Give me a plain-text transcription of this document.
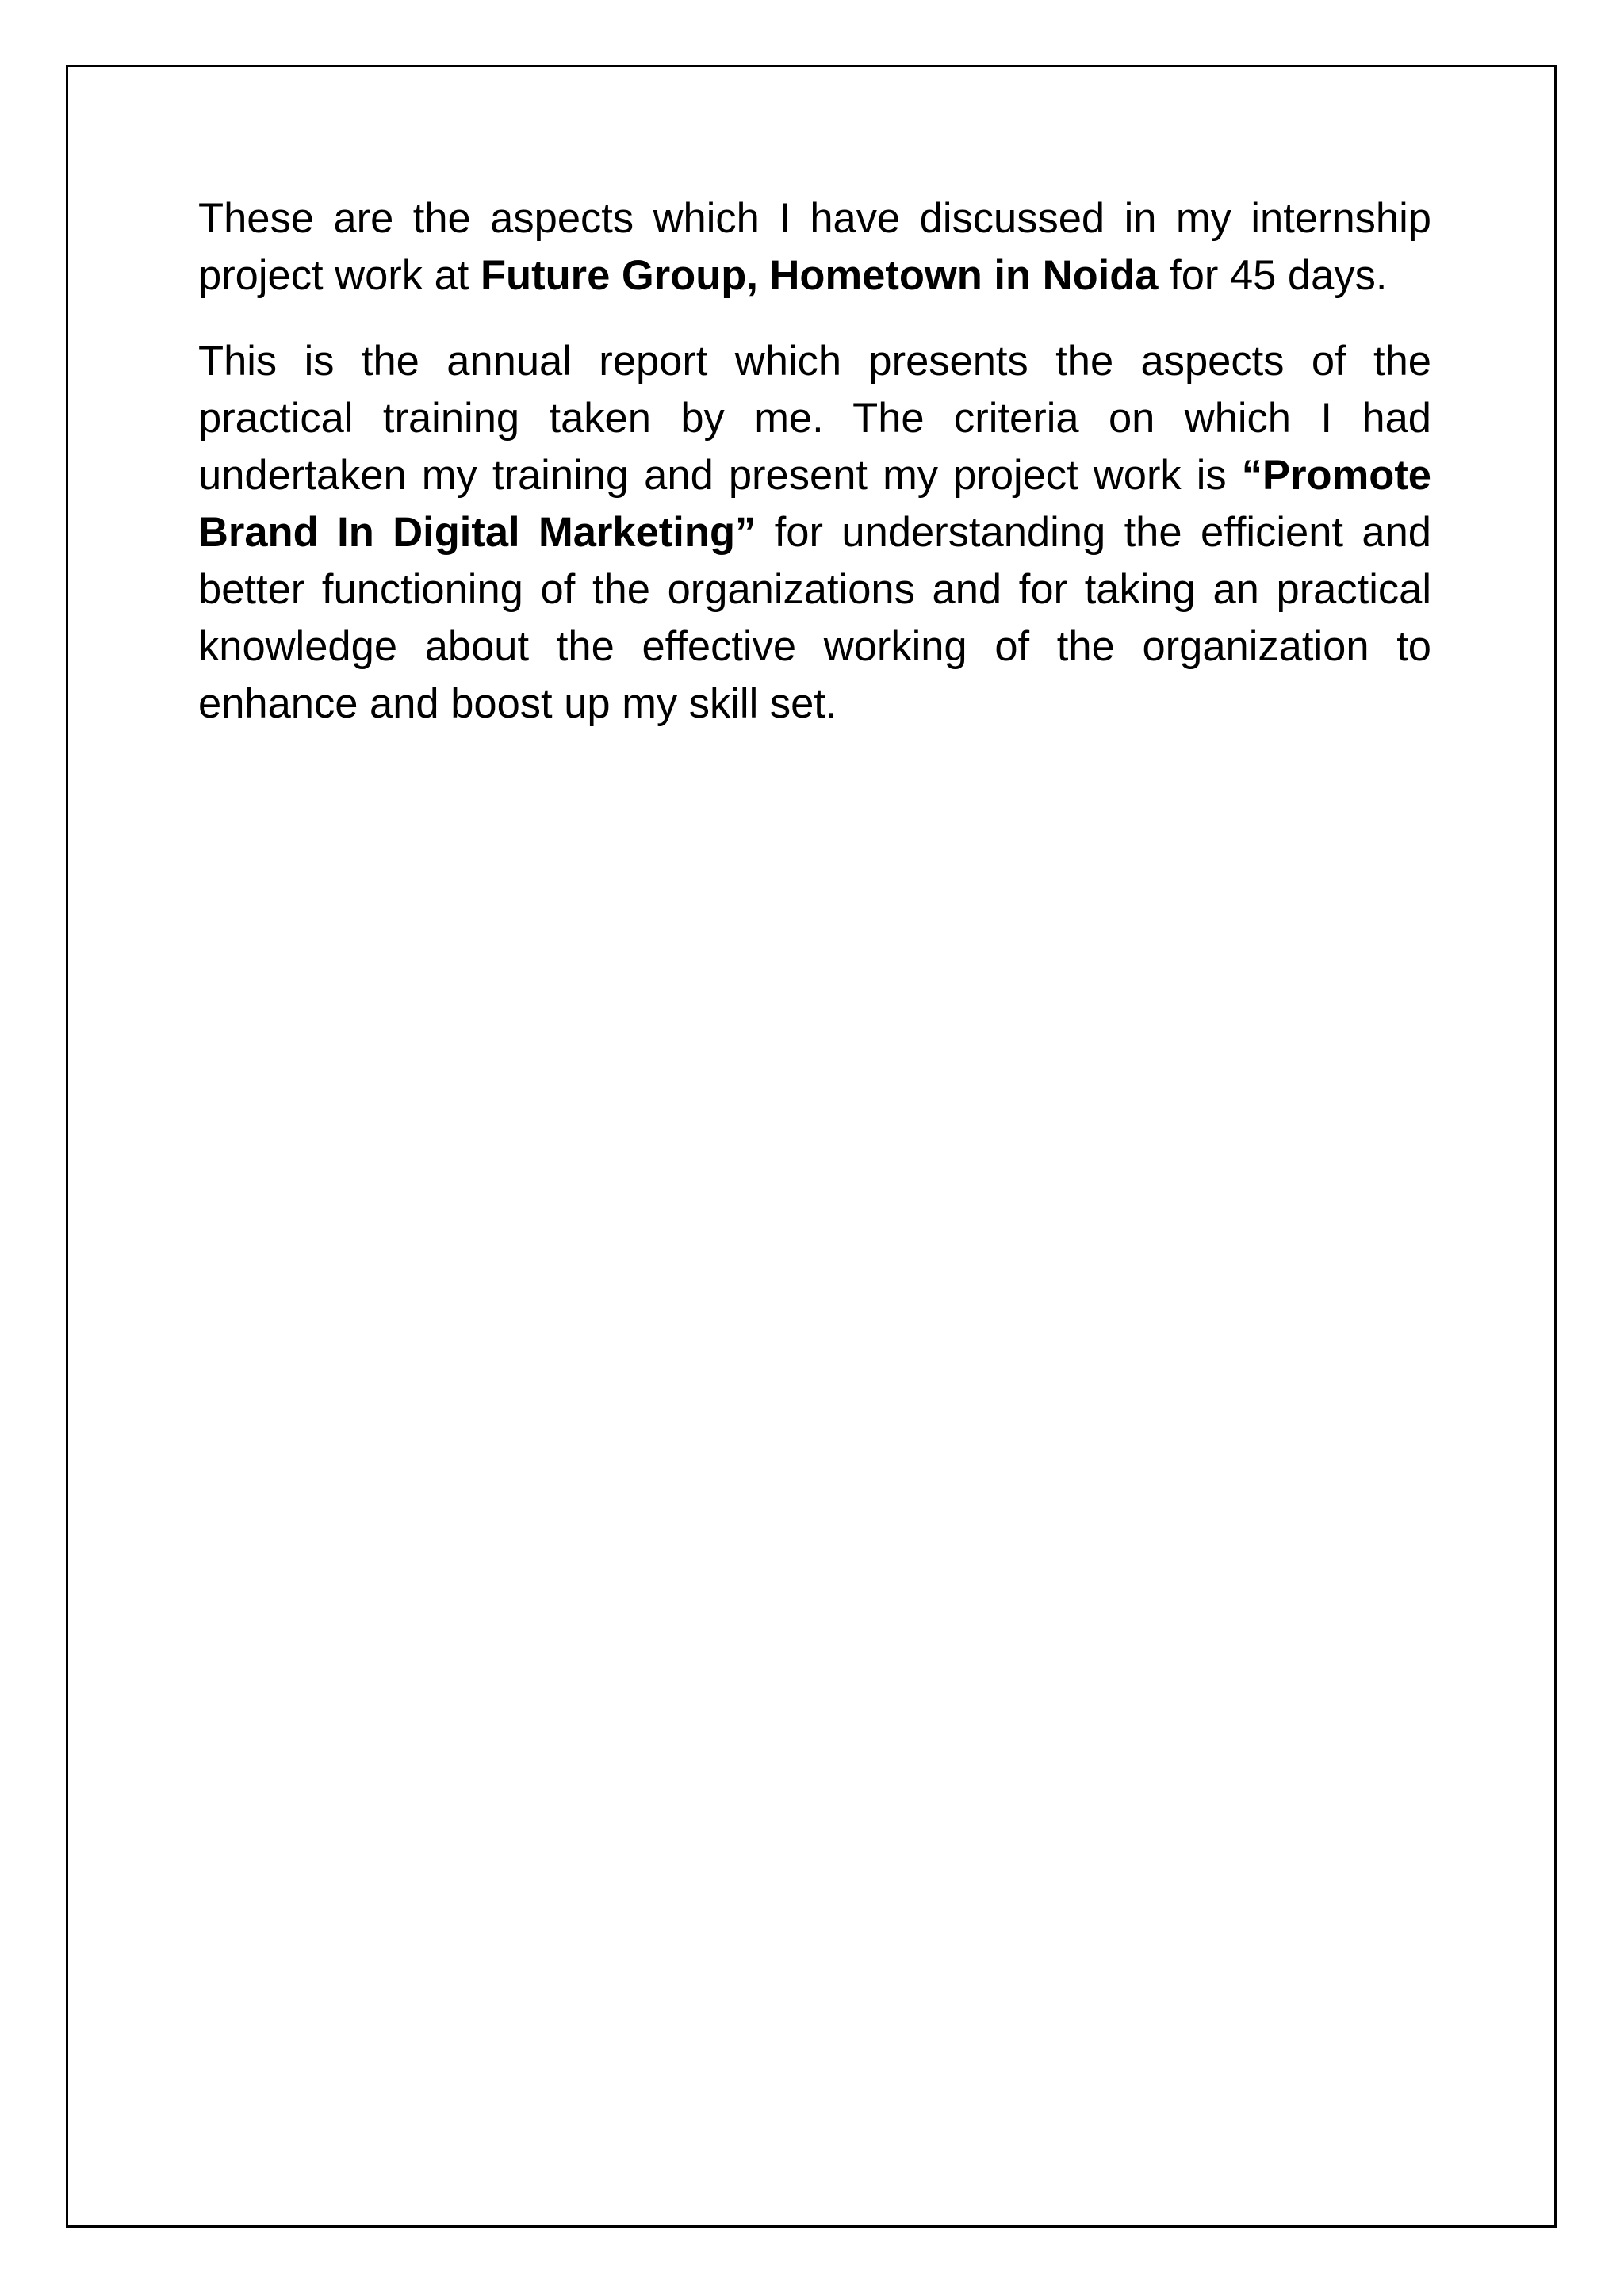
These are the aspects which I have discussed in my internship project work at Future Group, Hometown in Noida for 45 days.

This is the annual report which presents the aspects of the practical training taken by me. The criteria on which I had undertaken my training and present my project work is “Promote Brand In Digital Marketing” for understanding the efficient and better functioning of the organizations and for taking an practical knowledge about the effective working of the organization to enhance and boost up my skill set.
